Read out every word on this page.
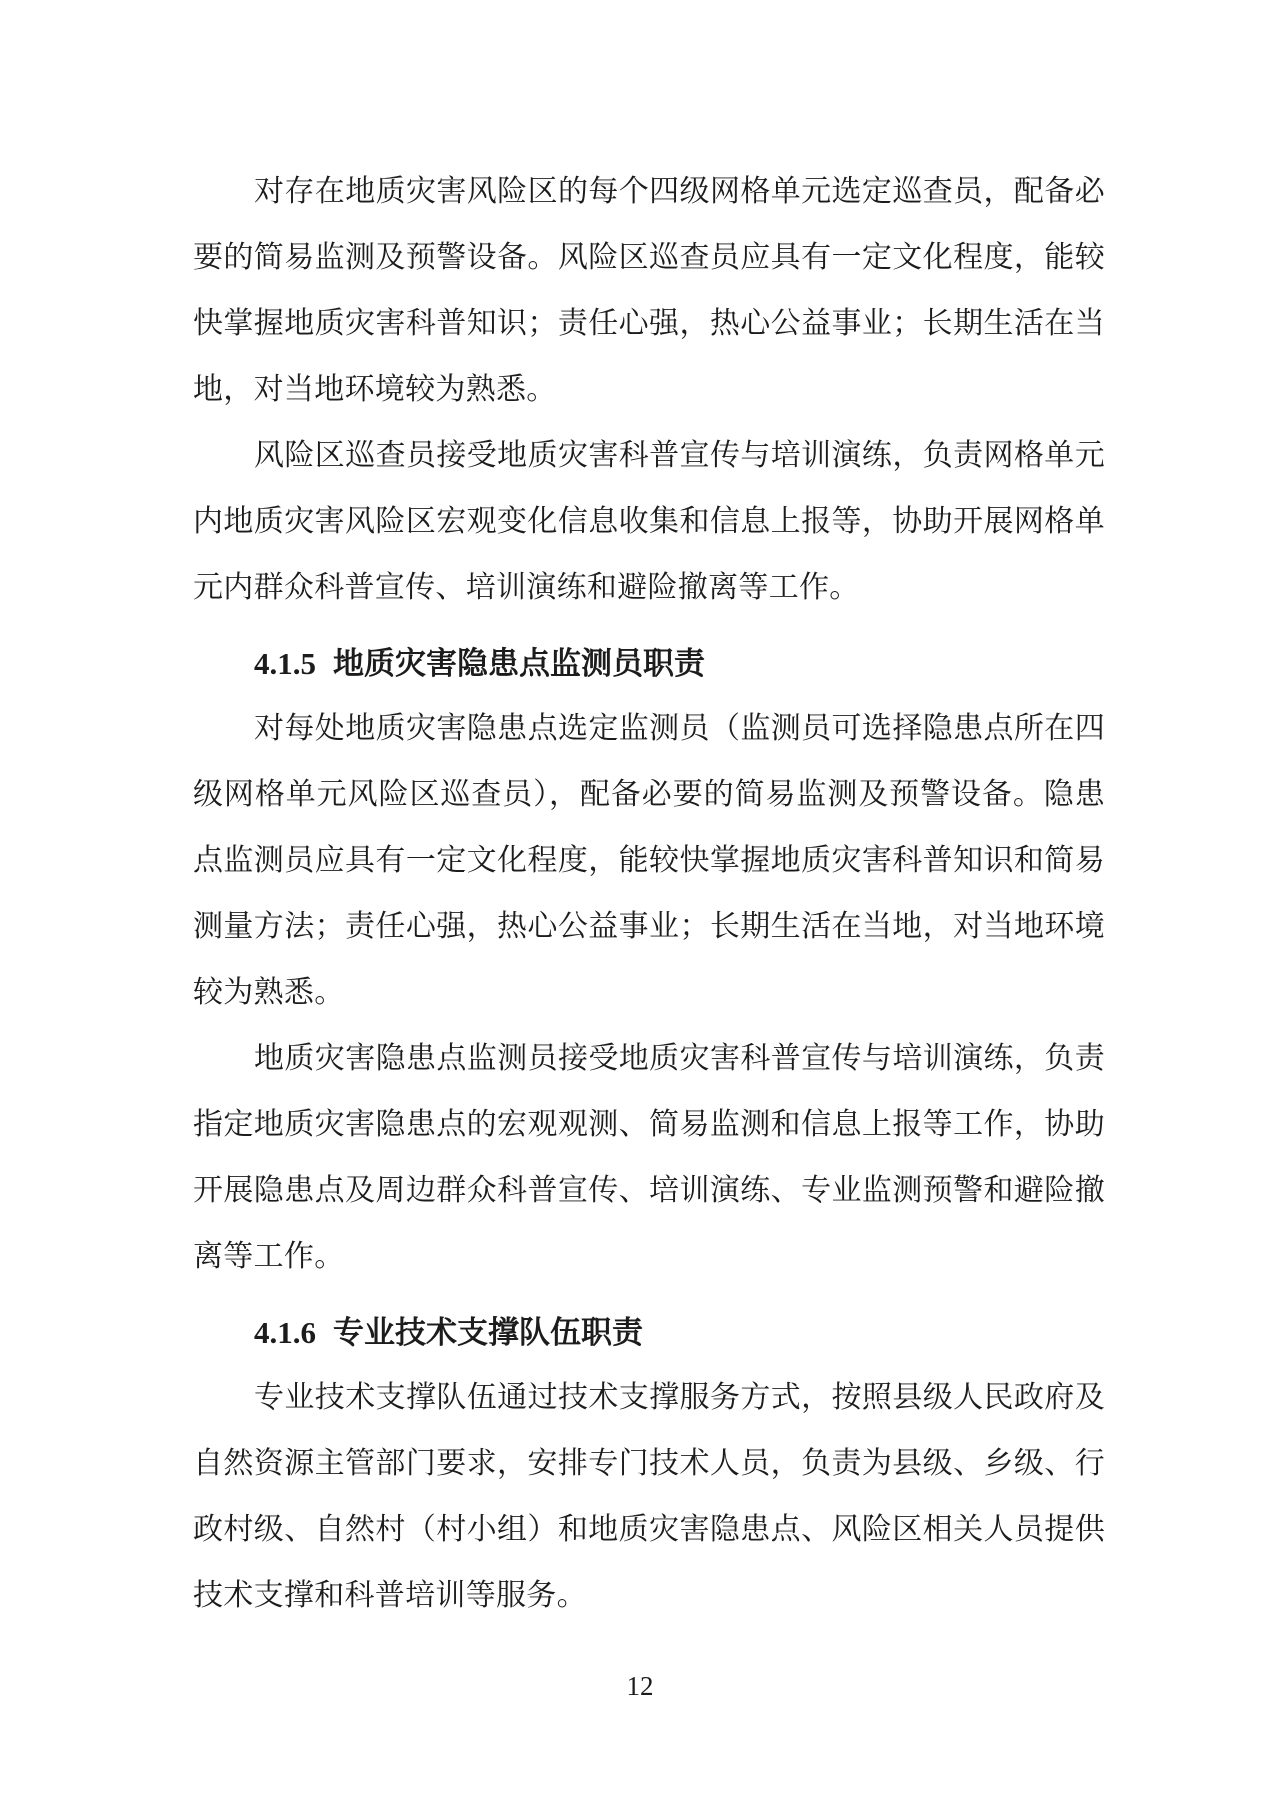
对存在地质灾害风险区的每个四级网格单元选定巡查员，配备必
要的简易监测及预警设备。风险区巡查员应具有一定文化程度，能较
快掌握地质灾害科普知识；责任心强，热心公益事业；长期生活在当
地，对当地环境较为熟悉。
风险区巡查员接受地质灾害科普宣传与培训演练，负责网格单元
内地质灾害风险区宏观变化信息收集和信息上报等，协助开展网格单
元内群众科普宣传、培训演练和避险撤离等工作。
4.1.5 地质灾害隐患点监测员职责
对每处地质灾害隐患点选定监测员（监测员可选择隐患点所在四
级网格单元风险区巡查员），配备必要的简易监测及预警设备。隐患
点监测员应具有一定文化程度，能较快掌握地质灾害科普知识和简易
测量方法；责任心强，热心公益事业；长期生活在当地，对当地环境
较为熟悉。
地质灾害隐患点监测员接受地质灾害科普宣传与培训演练，负责
指定地质灾害隐患点的宏观观测、简易监测和信息上报等工作，协助
开展隐患点及周边群众科普宣传、培训演练、专业监测预警和避险撤
离等工作。
4.1.6 专业技术支撑队伍职责
专业技术支撑队伍通过技术支撑服务方式，按照县级人民政府及
自然资源主管部门要求，安排专门技术人员，负责为县级、乡级、行
政村级、自然村（村小组）和地质灾害隐患点、风险区相关人员提供
技术支撑和科普培训等服务。
12
